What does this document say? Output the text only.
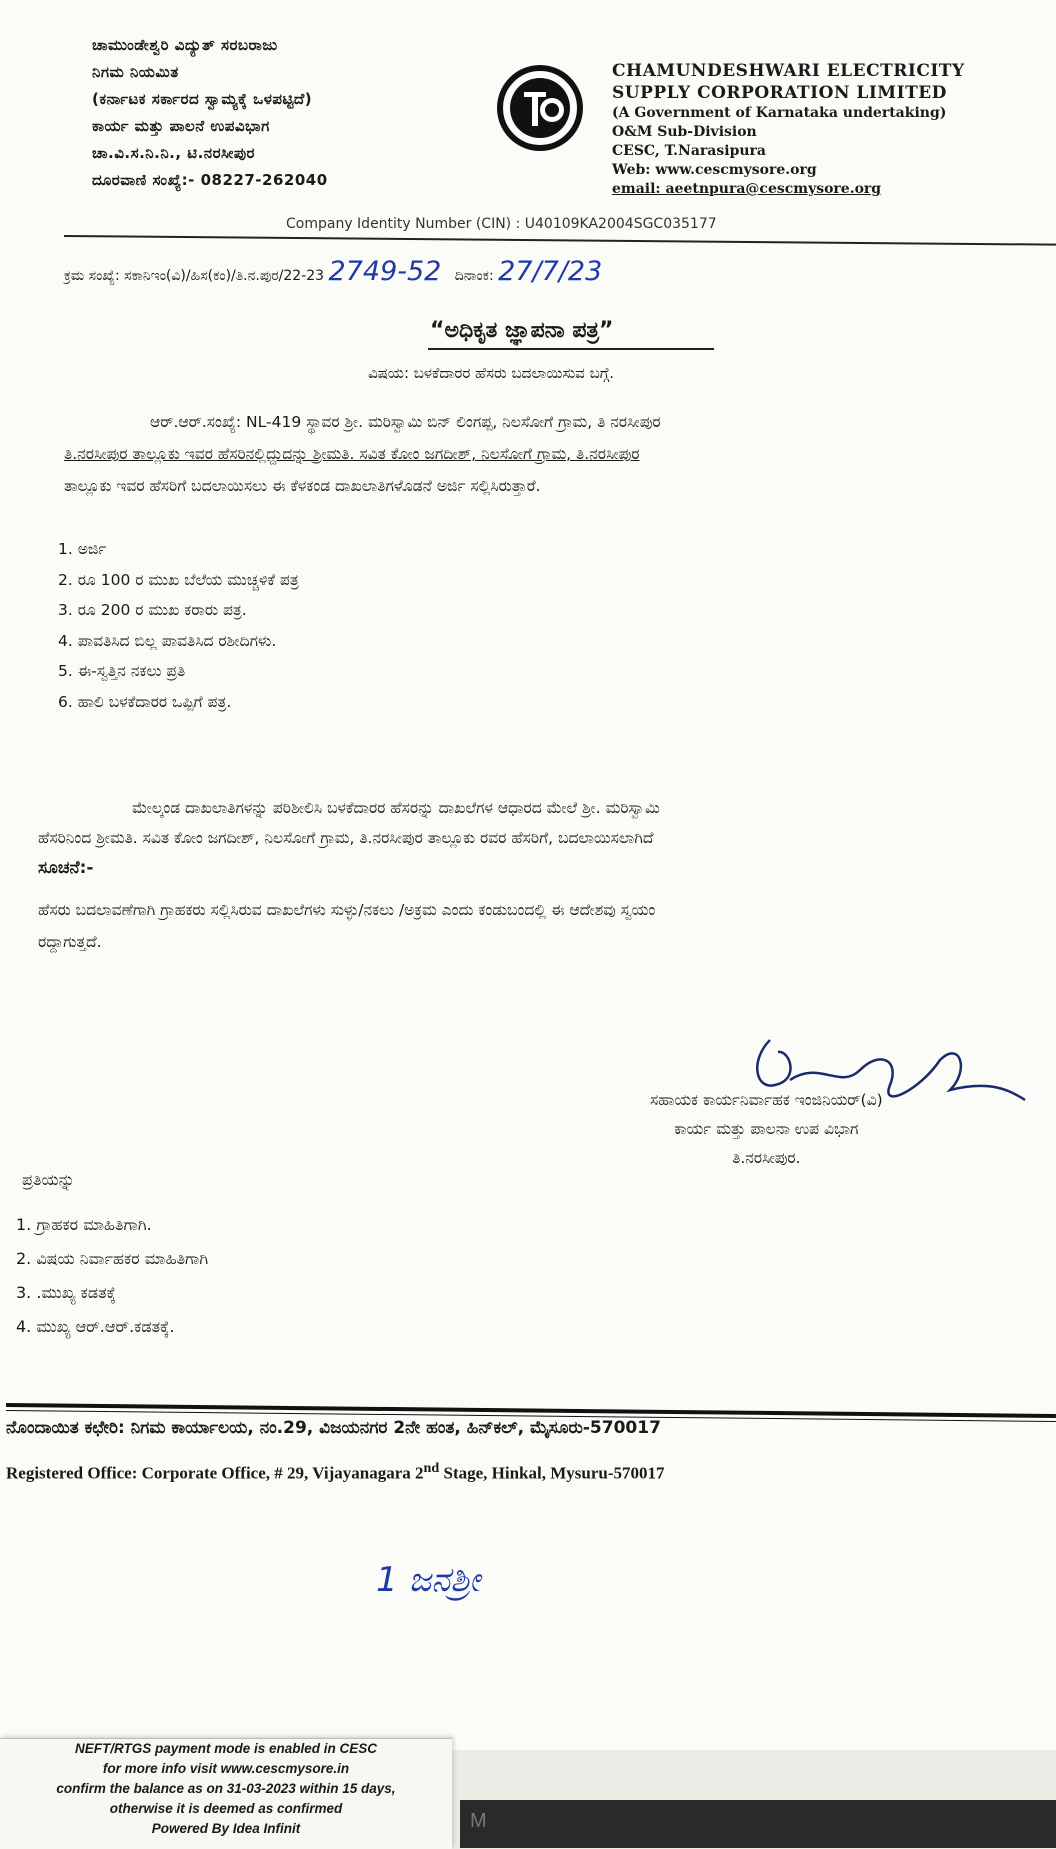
ಚಾಮುಂಡೇಶ್ವರಿ ವಿದ್ಯುತ್ ಸರಬರಾಜು
ನಿಗಮ ನಿಯಮಿತ
(ಕರ್ನಾಟಕ ಸರ್ಕಾರದ ಸ್ವಾಮ್ಯಕ್ಕೆ ಒಳಪಟ್ಟಿದೆ)
ಕಾರ್ಯ ಮತ್ತು ಪಾಲನೆ ಉಪವಿಭಾಗ
ಚಾ.ವಿ.ಸ.ನಿ.ನಿ., ಟಿ.ನರಸೀಪುರ
ದೂರವಾಣಿ ಸಂಖ್ಯೆ:- 08227-262040
CHAMUNDESHWARI ELECTRICITY
SUPPLY CORPORATION LIMITED
(A Government of Karnataka undertaking)
O&M Sub-Division
CESC, T.Narasipura
Web: www.cescmysore.org
email: aeetnpura@cescmysore.org
Company Identity Number (CIN) : U40109KA2004SGC035177
ಕ್ರಮ ಸಂಖ್ಯೆ: ಸಕಾನಿಇಂ(ವಿ)/ಹಿಸ(ಕಂ)/ತಿ.ನ.ಪುರ/22-23 2749-52 ದಿನಾಂಕ: 27/7/23
“ಅಧಿಕೃತ ಜ್ಞಾಪನಾ ಪತ್ರ”
ವಿಷಯ: ಬಳಕೆದಾರರ ಹೆಸರು ಬದಲಾಯಿಸುವ ಬಗ್ಗೆ.
ಆರ್.ಆರ್.ಸಂಖ್ಯೆ: NL-419 ಸ್ಥಾವರ ಶ್ರೀ. ಮರಿಸ್ವಾಮಿ ಬಿನ್ ಲಿಂಗಪ್ಪ, ನಿಲಸೋಗೆ ಗ್ರಾಮ, ತಿ ನರಸೀಪುರ
ತಿ.ನರಸೀಪುರ ತಾಲ್ಲೂಕು ಇವರ ಹೆಸರಿನಲ್ಲಿದ್ದುದನ್ನು ಶ್ರೀಮತಿ. ಸವಿತ ಕೋಂ ಜಗದೀಶ್, ನಿಲಸೋಗೆ ಗ್ರಾಮ, ತಿ.ನರಸೀಪುರ
ತಾಲ್ಲೂಕು ಇವರ ಹೆಸರಿಗೆ ಬದಲಾಯಿಸಲು ಈ ಕೆಳಕಂಡ ದಾಖಲಾತಿಗಳೊಡನೆ ಅರ್ಜಿ ಸಲ್ಲಿಸಿರುತ್ತಾರೆ.
1. ಅರ್ಜಿ
2. ರೂ 100 ರ ಮುಖ ಬೆಲೆಯ ಮುಚ್ಚಳಿಕೆ ಪತ್ರ
3. ರೂ 200 ರ ಮುಖ ಕರಾರು ಪತ್ರ.
4. ಪಾವತಿಸಿದ ಬಿಲ್ಲ ಪಾವತಿಸಿದ ರಶೀದಿಗಳು.
5. ಈ-ಸ್ವತ್ತಿನ ನಕಲು ಪ್ರತಿ
6. ಹಾಲಿ ಬಳಕೆದಾರರ ಒಪ್ಪಿಗೆ ಪತ್ರ.
ಮೇಲ್ಕಂಡ ದಾಖಲಾತಿಗಳನ್ನು ಪರಿಶೀಲಿಸಿ ಬಳಕೆದಾರರ ಹೆಸರನ್ನು ದಾಖಲೆಗಳ ಆಧಾರದ ಮೇಲೆ ಶ್ರೀ. ಮರಿಸ್ವಾಮಿ
ಹೆಸರಿನಿಂದ ಶ್ರೀಮತಿ. ಸವಿತ ಕೋಂ ಜಗದೀಶ್, ನಿಲಸೋಗೆ ಗ್ರಾಮ, ತಿ.ನರಸೀಪುರ ತಾಲ್ಲೂಕು ರವರ ಹೆಸರಿಗೆ, ಬದಲಾಯಿಸಲಾಗಿದೆ
ಸೂಚನೆ:-
ಹೆಸರು ಬದಲಾವಣೆಗಾಗಿ ಗ್ರಾಹಕರು ಸಲ್ಲಿಸಿರುವ ದಾಖಲೆಗಳು ಸುಳ್ಳು/ನಕಲು /ಅಕ್ರಮ ಎಂದು ಕಂಡುಬಂದಲ್ಲಿ ಈ ಆದೇಶವು ಸ್ವಯಂ
ರದ್ದಾಗುತ್ತದೆ.
ಸಹಾಯಕ ಕಾರ್ಯನಿರ್ವಾಹಕ ಇಂಜಿನಿಯರ್(ವಿ)
ಕಾರ್ಯ ಮತ್ತು ಪಾಲನಾ ಉಪ ವಿಭಾಗ
ತಿ.ನರಸೀಪುರ.
ಪ್ರತಿಯನ್ನು
1. ಗ್ರಾಹಕರ ಮಾಹಿತಿಗಾಗಿ.
2. ವಿಷಯ ನಿರ್ವಾಹಕರ ಮಾಹಿತಿಗಾಗಿ
3. .ಮುಖ್ಯ ಕಡತಕ್ಕೆ
4. ಮುಖ್ಯ ಆರ್.ಆರ್.ಕಡತಕ್ಕೆ.
ನೊಂದಾಯಿತ ಕಛೇರಿ: ನಿಗಮ ಕಾರ್ಯಾಲಯ, ನಂ.29, ವಿಜಯನಗರ 2ನೇ ಹಂತ, ಹಿನ್‌ಕಲ್, ಮೈಸೂರು-570017
Registered Office: Corporate Office, # 29, Vijayanagara 2nd Stage, Hinkal, Mysuru-570017
1 ಜನಶ್ರೀ
NEFT/RTGS payment mode is enabled in CESC
for more info visit www.cescmysore.in
confirm the balance as on 31-03-2023 within 15 days,
otherwise it is deemed as confirmed
Powered By Idea Infinit	M
